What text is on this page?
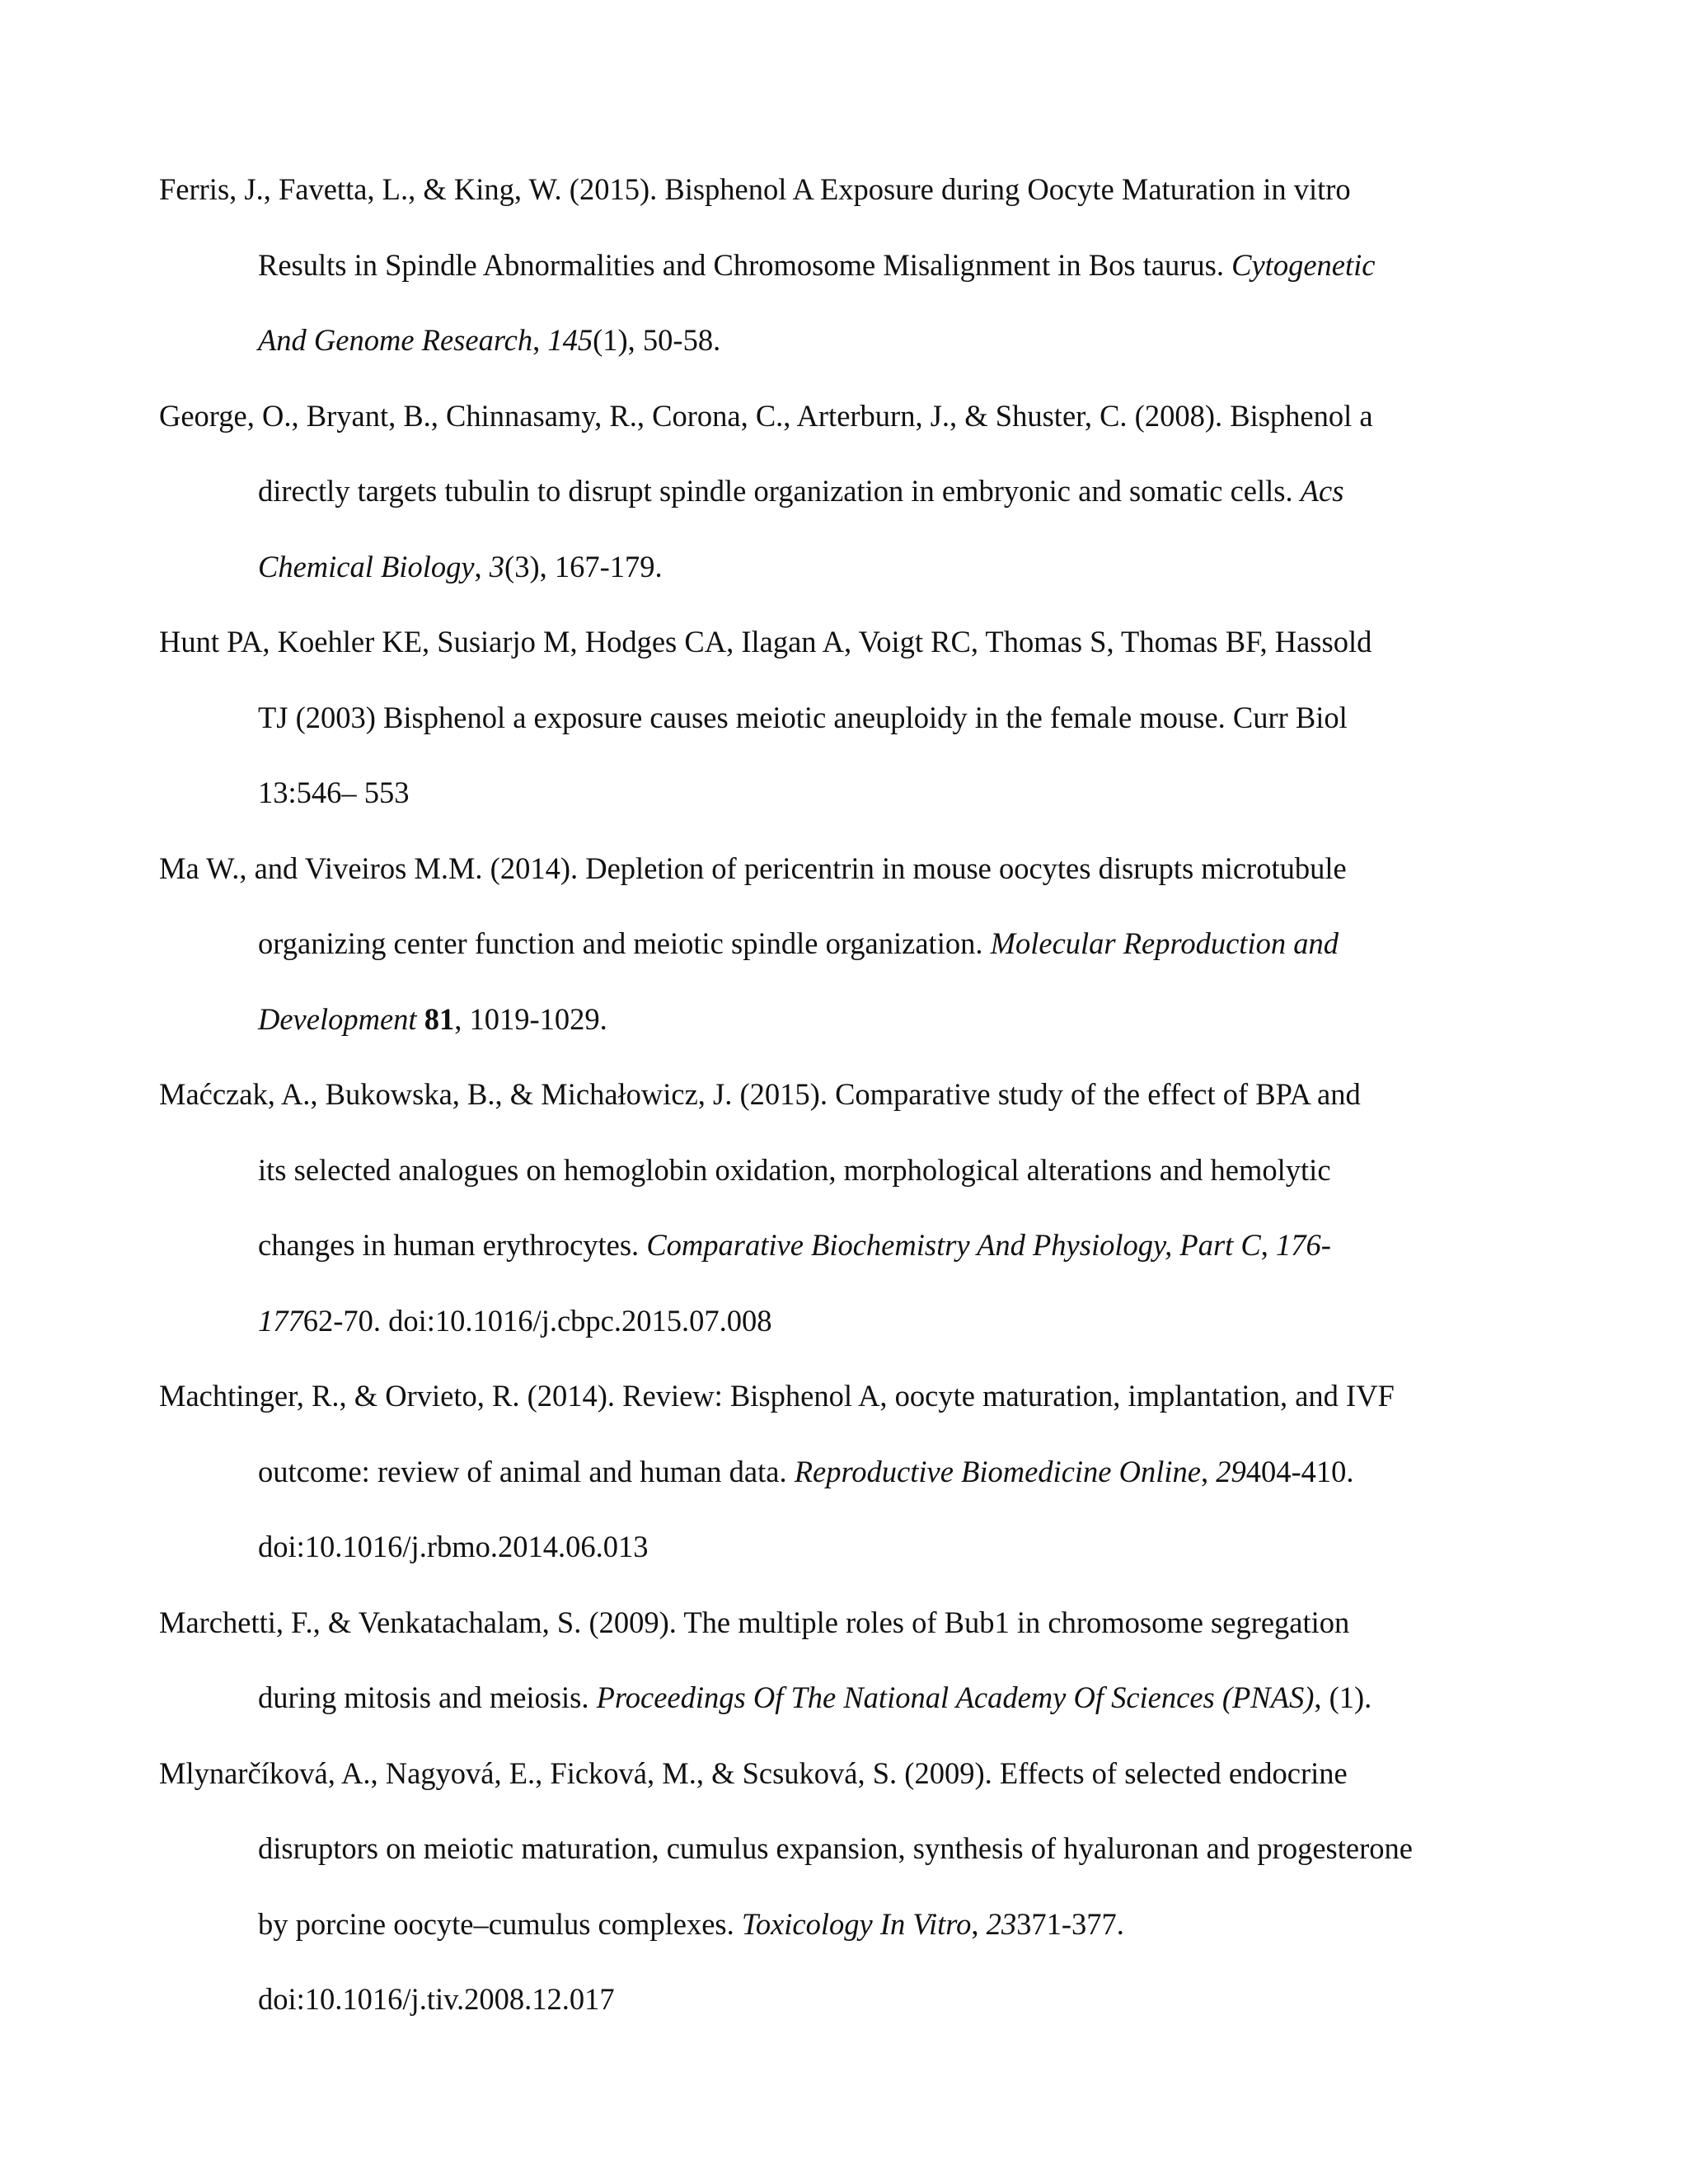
Ferris, J., Favetta, L., & King, W. (2015). Bisphenol A Exposure during Oocyte Maturation in vitro
Results in Spindle Abnormalities and Chromosome Misalignment in Bos taurus. Cytogenetic
And Genome Research, 145(1), 50-58.
George, O., Bryant, B., Chinnasamy, R., Corona, C., Arterburn, J., & Shuster, C. (2008). Bisphenol a
directly targets tubulin to disrupt spindle organization in embryonic and somatic cells. Acs
Chemical Biology, 3(3), 167-179.
Hunt PA, Koehler KE, Susiarjo M, Hodges CA, Ilagan A, Voigt RC, Thomas S, Thomas BF, Hassold
TJ (2003) Bisphenol a exposure causes meiotic aneuploidy in the female mouse. Curr Biol
13:546– 553
Ma W., and Viveiros M.M. (2014). Depletion of pericentrin in mouse oocytes disrupts microtubule
organizing center function and meiotic spindle organization. Molecular Reproduction and
Development 81, 1019-1029.
Maćczak, A., Bukowska, B., & Michałowicz, J. (2015). Comparative study of the effect of BPA and
its selected analogues on hemoglobin oxidation, morphological alterations and hemolytic
changes in human erythrocytes. Comparative Biochemistry And Physiology, Part C, 176-
17762-70. doi:10.1016/j.cbpc.2015.07.008
Machtinger, R., & Orvieto, R. (2014). Review: Bisphenol A, oocyte maturation, implantation, and IVF
outcome: review of animal and human data. Reproductive Biomedicine Online, 29404-410.
doi:10.1016/j.rbmo.2014.06.013
Marchetti, F., & Venkatachalam, S. (2009). The multiple roles of Bub1 in chromosome segregation
during mitosis and meiosis. Proceedings Of The National Academy Of Sciences (PNAS), (1).
Mlynarčíková, A., Nagyová, E., Ficková, M., & Scsuková, S. (2009). Effects of selected endocrine
disruptors on meiotic maturation, cumulus expansion, synthesis of hyaluronan and progesterone
by porcine oocyte–cumulus complexes. Toxicology In Vitro, 23371-377.
doi:10.1016/j.tiv.2008.12.017
